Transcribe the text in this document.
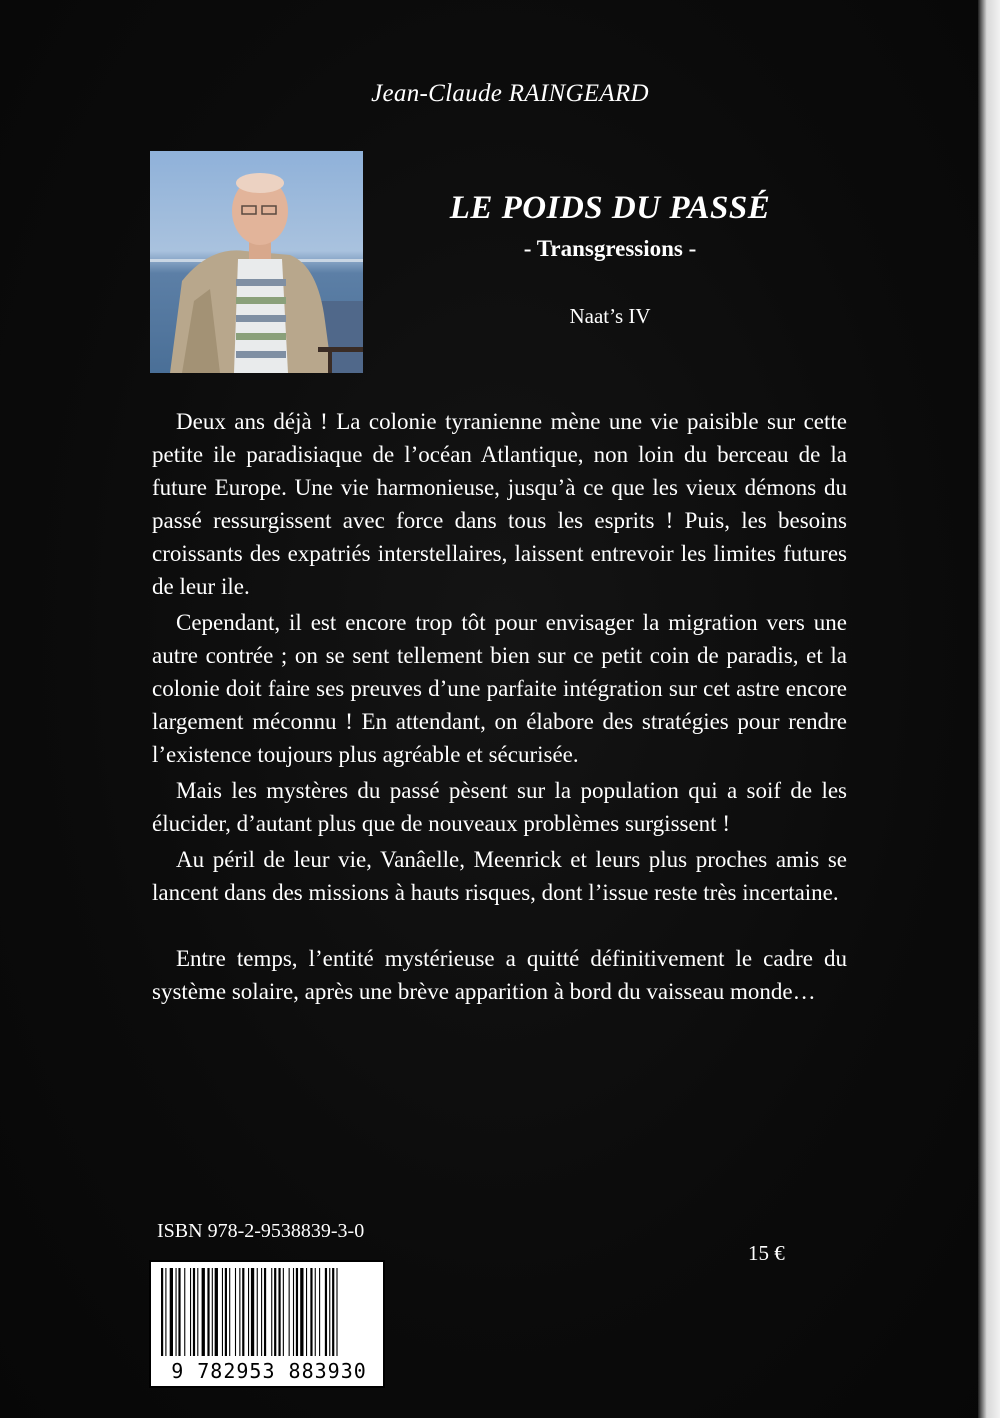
Jean-Claude RAINGEARD
LE POIDS DU PASSÉ
- Transgressions -
Naat’s IV

Deux ans déjà ! La colonie tyranienne mène une vie paisible sur cette petite ile paradisiaque de l’océan Atlantique, non loin du berceau de la future Europe. Une vie harmonieuse, jusqu’à ce que les vieux démons du passé ressurgissent avec force dans tous les esprits ! Puis, les besoins croissants des expatriés interstellaires, laissent entrevoir les limites futures de leur ile.

Cependant, il est encore trop tôt pour envisager la migration vers une autre contrée ; on se sent tellement bien sur ce petit coin de paradis, et la colonie doit faire ses preuves d’une parfaite intégration sur cet astre encore largement méconnu ! En attendant, on élabore des stratégies pour rendre l’existence toujours plus agréable et sécurisée.

Mais les mystères du passé pèsent sur la population qui a soif de les élucider, d’autant plus que de nouveaux problèmes surgissent !

Au péril de leur vie, Vanâelle, Meenrick et leurs plus proches amis se lancent dans des missions à hauts risques, dont l’issue reste très incertaine.

Entre temps, l’entité mystérieuse a quitté définitivement le cadre du système solaire, après une brève apparition à bord du vaisseau monde…

ISBN 978-2-9538839-3-0
15 €
9 782953 883930
